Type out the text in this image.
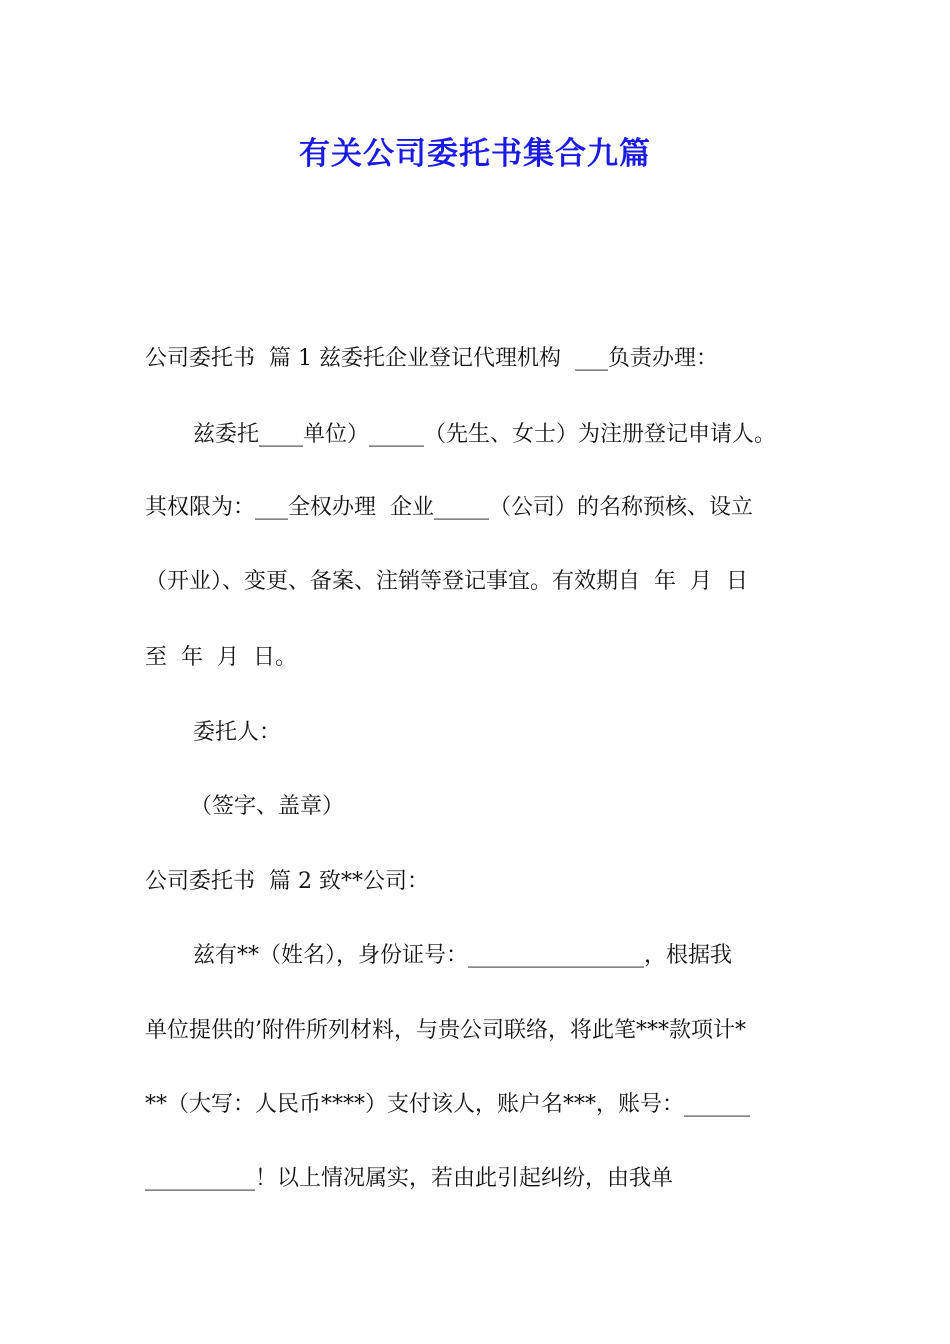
有关公司委托书集合九篇

公司委托书  篇 1 兹委托企业登记代理机构  ___负责办理：

兹委托____单位）_____（先生、女士）为注册登记申请人。

其权限为：___全权办理  企业_____（公司）的名称预核、设立

（开业）、变更、备案、注销等登记事宜。有效期自  年  月  日

至  年  月  日。

委托人：

（签字、盖章）

公司委托书  篇 2 致**公司：

兹有**（姓名），身份证号：________________，根据我

单位提供的’附件所列材料，与贵公司联络，将此笔***款项计*

**（大写：人民币****）支付该人，账户名***，账号：______

__________！以上情况属实，若由此引起纠纷，由我单
